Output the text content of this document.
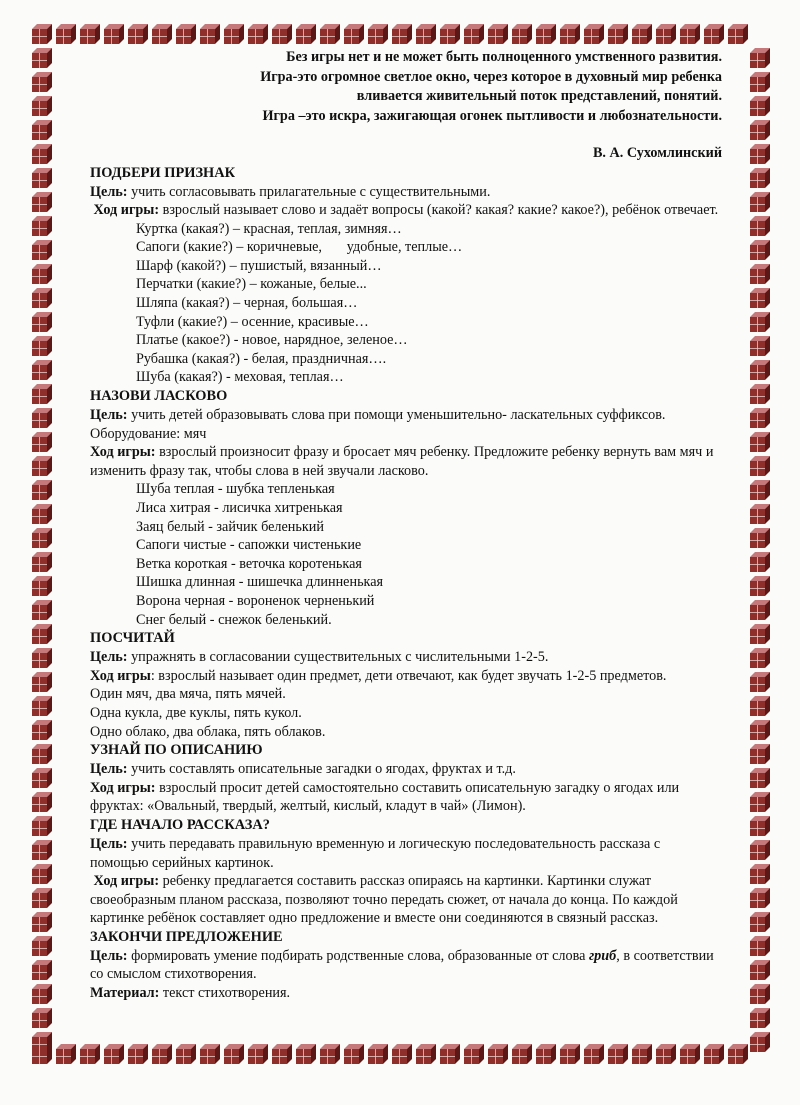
Без игры нет и не может быть полноценного умственного развития.
Игра-это огромное светлое окно, через которое в духовный мир ребенка
вливается живительный поток представлений, понятий.
Игра –это искра, зажигающая огонек пытливости и любознательности.
В. А. Сухомлинский
ПОДБЕРИ ПРИЗНАК

Цель: учить согласовывать прилагательные с существительными.

Ход игры: взрослый называет слово и задаёт вопросы (какой? какая? какие? какое?), ребёнок отвечает.

Куртка (какая?) – красная, теплая, зимняя…
Сапоги (какие?) – коричневые,       удобные, теплые…
Шарф (какой?) – пушистый, вязанный…
Перчатки (какие?) – кожаные, белые...
Шляпа (какая?) – черная, большая…
Туфли (какие?) – осенние, красивые…
Платье (какое?) - новое, нарядное, зеленое…
Рубашка (какая?) - белая, праздничная….
Шуба (какая?) - меховая, теплая…
НАЗОВИ ЛАСКОВО

Цель: учить детей образовывать слова при помощи уменьшительно- ласкательных суффиксов.

Оборудование: мяч

Ход игры: взрослый произносит фразу и бросает мяч ребенку. Предложите ребенку вернуть вам мяч и изменить фразу так, чтобы слова в ней звучали ласково.

Шуба теплая - шубка тепленькая
Лиса хитрая - лисичка хитренькая
Заяц белый - зайчик беленький
Сапоги чистые - сапожки чистенькие
Ветка короткая - веточка коротенькая
Шишка длинная - шишечка длинненькая
Ворона черная - вороненок черненький
Снег белый - снежок беленький.
ПОСЧИТАЙ

Цель: упражнять в согласовании существительных с числительными 1-2-5.

Ход игры: взрослый называет один предмет, дети отвечают, как будет звучать 1-2-5 предметов.

Один мяч, два мяча, пять мячей.

Одна кукла, две куклы, пять кукол.

Одно облако, два облака, пять облаков.

УЗНАЙ ПО ОПИСАНИЮ

Цель: учить составлять описательные загадки о ягодах, фруктах и т.д.

Ход игры: взрослый просит детей самостоятельно составить описательную загадку о ягодах или фруктах: «Овальный, твердый, желтый, кислый, кладут в чай» (Лимон).

ГДЕ НАЧАЛО РАССКАЗА?

Цель: учить передавать правильную временную и логическую последовательность рассказа с помощью серийных картинок.

Ход игры: ребенку предлагается составить рассказ опираясь на картинки. Картинки служат своеобразным планом рассказа, позволяют точно передать сюжет, от начала до конца. По каждой картинке ребёнок составляет одно предложение и вместе они соединяются в связный рассказ.

ЗАКОНЧИ ПРЕДЛОЖЕНИЕ

Цель: формировать умение подбирать родственные слова, образованные от слова гриб, в соответствии со смыслом стихотворения.

Материал: текст стихотворения.
